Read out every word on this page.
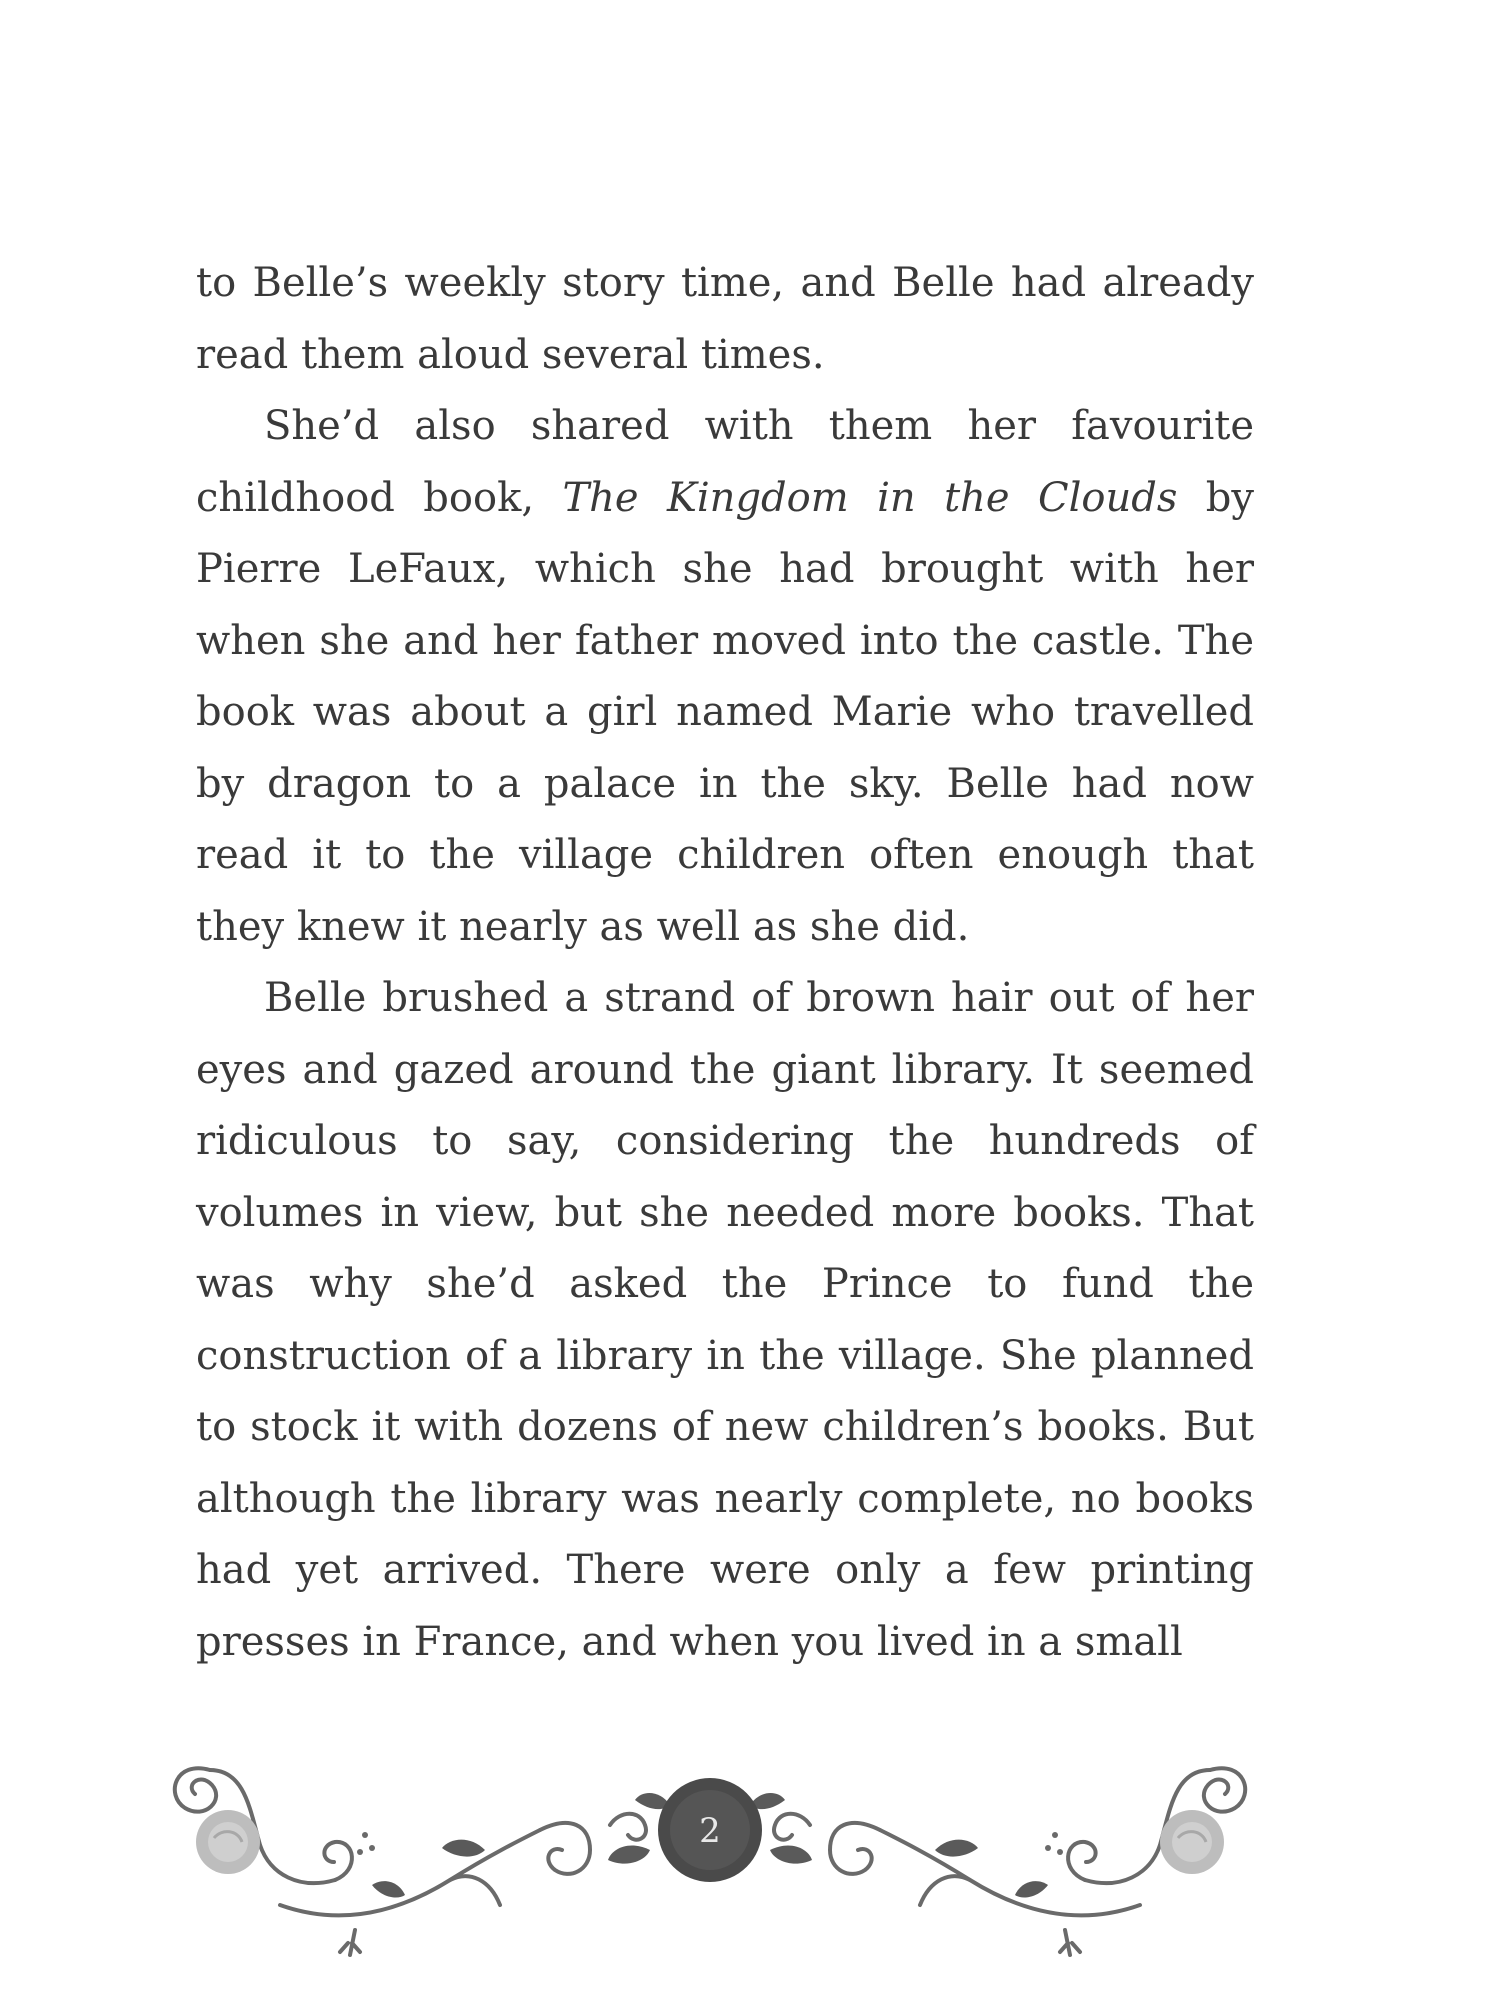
to Belle’s weekly story time, and Belle had already read them aloud several times.

She’d also shared with them her favourite childhood book, The Kingdom in the Clouds by Pierre LeFaux, which she had brought with her when she and her father moved into the castle. The book was about a girl named Marie who travelled by dragon to a palace in the sky. Belle had now read it to the village children often enough that they knew it nearly as well as she did.

Belle brushed a strand of brown hair out of her eyes and gazed around the giant library. It seemed ridiculous to say, considering the hundreds of volumes in view, but she needed more books. That was why she’d asked the Prince to fund the construction of a library in the village. She planned to stock it with dozens of new children’s books. But although the library was nearly complete, no books had yet arrived. There were only a few printing presses in France, and when you lived in a small

2
